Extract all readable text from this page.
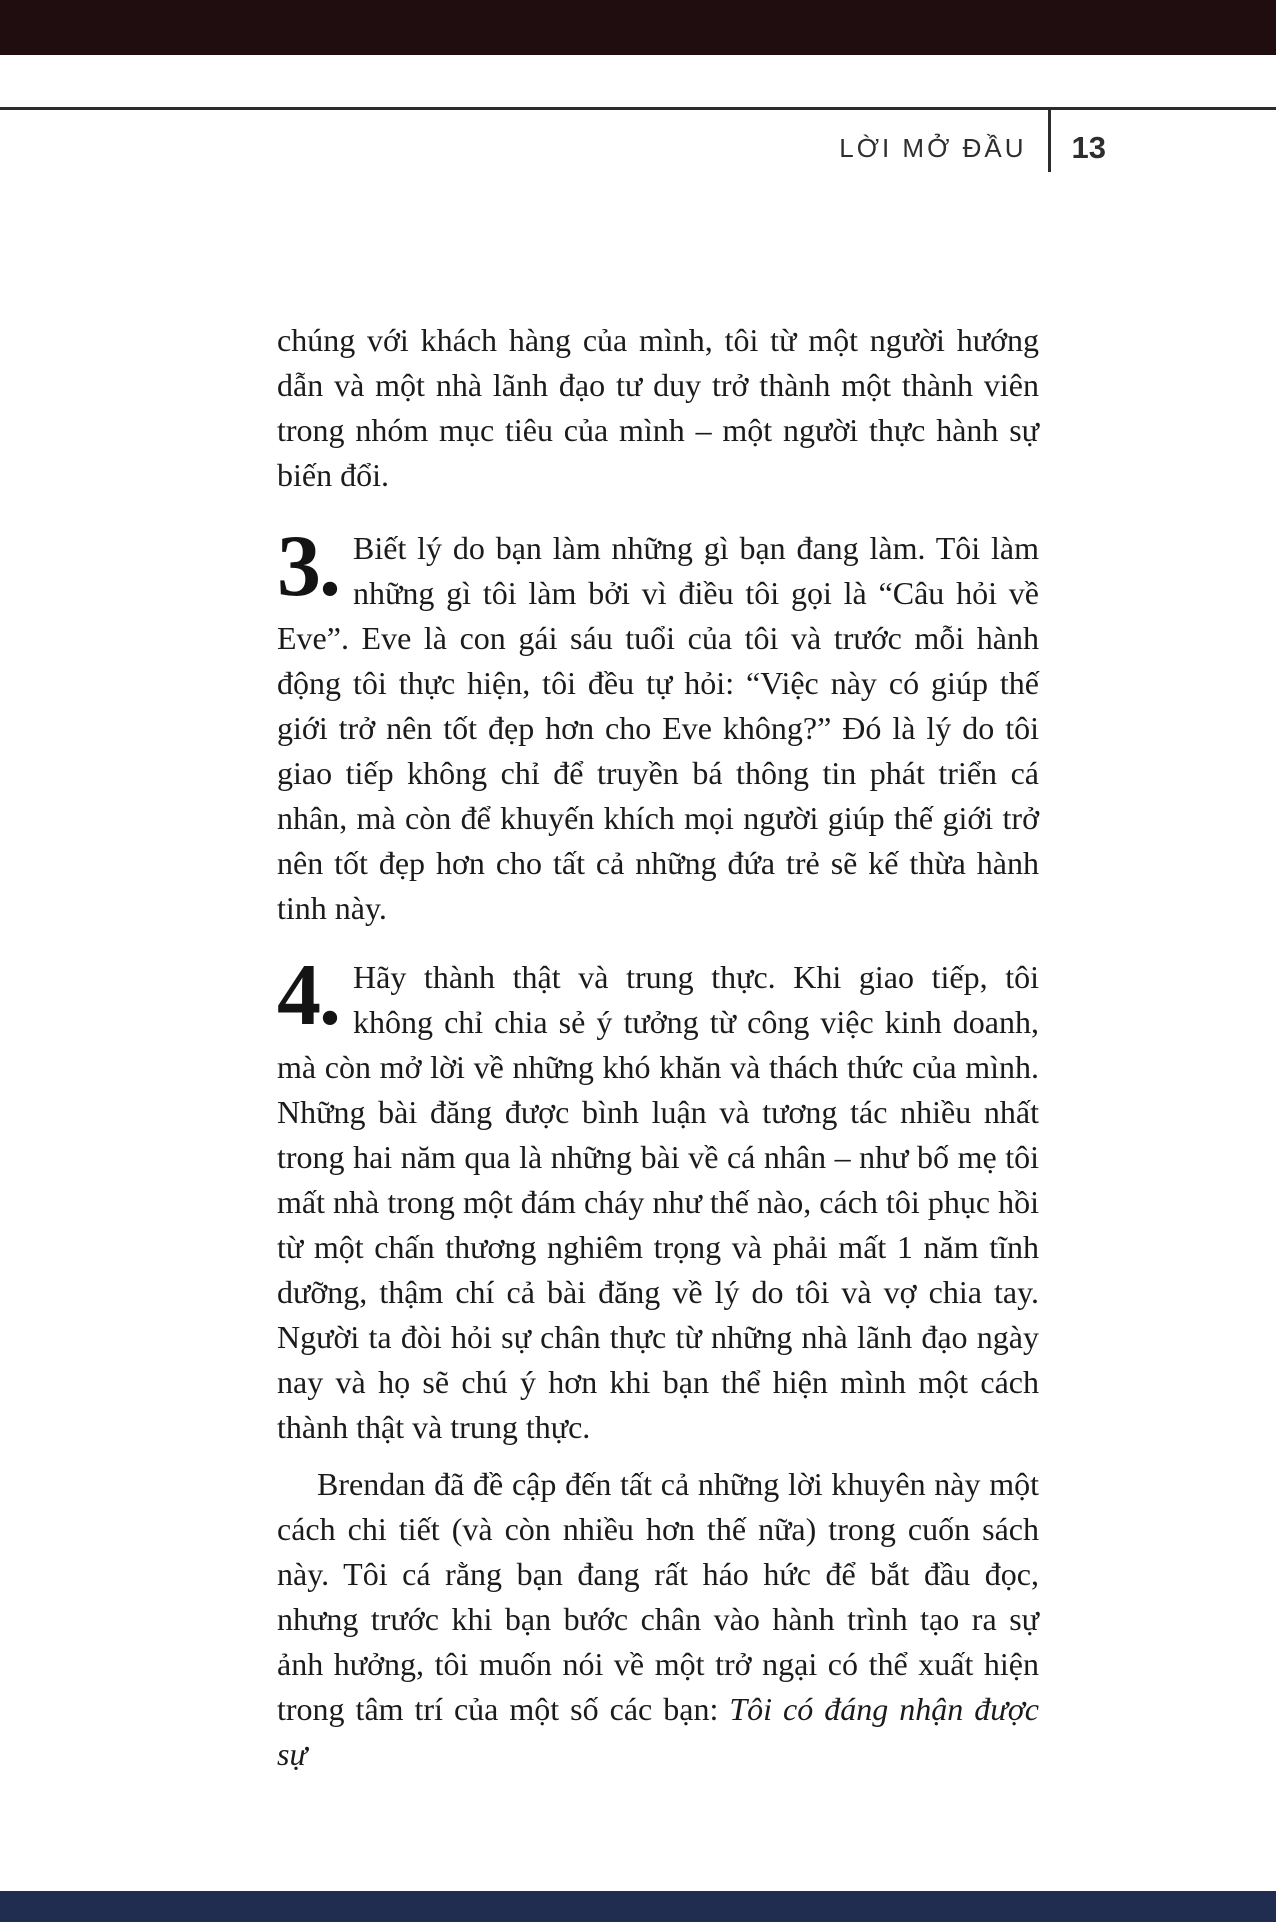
LỜI MỞ ĐẦU 13

chúng với khách hàng của mình, tôi từ một người hướng dẫn và một nhà lãnh đạo tư duy trở thành một thành viên trong nhóm mục tiêu của mình – một người thực hành sự biến đổi.

3. Biết lý do bạn làm những gì bạn đang làm. Tôi làm những gì tôi làm bởi vì điều tôi gọi là “Câu hỏi về Eve”. Eve là con gái sáu tuổi của tôi và trước mỗi hành động tôi thực hiện, tôi đều tự hỏi: “Việc này có giúp thế giới trở nên tốt đẹp hơn cho Eve không?” Đó là lý do tôi giao tiếp không chỉ để truyền bá thông tin phát triển cá nhân, mà còn để khuyến khích mọi người giúp thế giới trở nên tốt đẹp hơn cho tất cả những đứa trẻ sẽ kế thừa hành tinh này.
4. Hãy thành thật và trung thực. Khi giao tiếp, tôi không chỉ chia sẻ ý tưởng từ công việc kinh doanh, mà còn mở lời về những khó khăn và thách thức của mình. Những bài đăng được bình luận và tương tác nhiều nhất trong hai năm qua là những bài về cá nhân – như bố mẹ tôi mất nhà trong một đám cháy như thế nào, cách tôi phục hồi từ một chấn thương nghiêm trọng và phải mất 1 năm tĩnh dưỡng, thậm chí cả bài đăng về lý do tôi và vợ chia tay. Người ta đòi hỏi sự chân thực từ những nhà lãnh đạo ngày nay và họ sẽ chú ý hơn khi bạn thể hiện mình một cách thành thật và trung thực.

Brendan đã đề cập đến tất cả những lời khuyên này một cách chi tiết (và còn nhiều hơn thế nữa) trong cuốn sách này. Tôi cá rằng bạn đang rất háo hức để bắt đầu đọc, nhưng trước khi bạn bước chân vào hành trình tạo ra sự ảnh hưởng, tôi muốn nói về một trở ngại có thể xuất hiện trong tâm trí của một số các bạn: Tôi có đáng nhận được sự
